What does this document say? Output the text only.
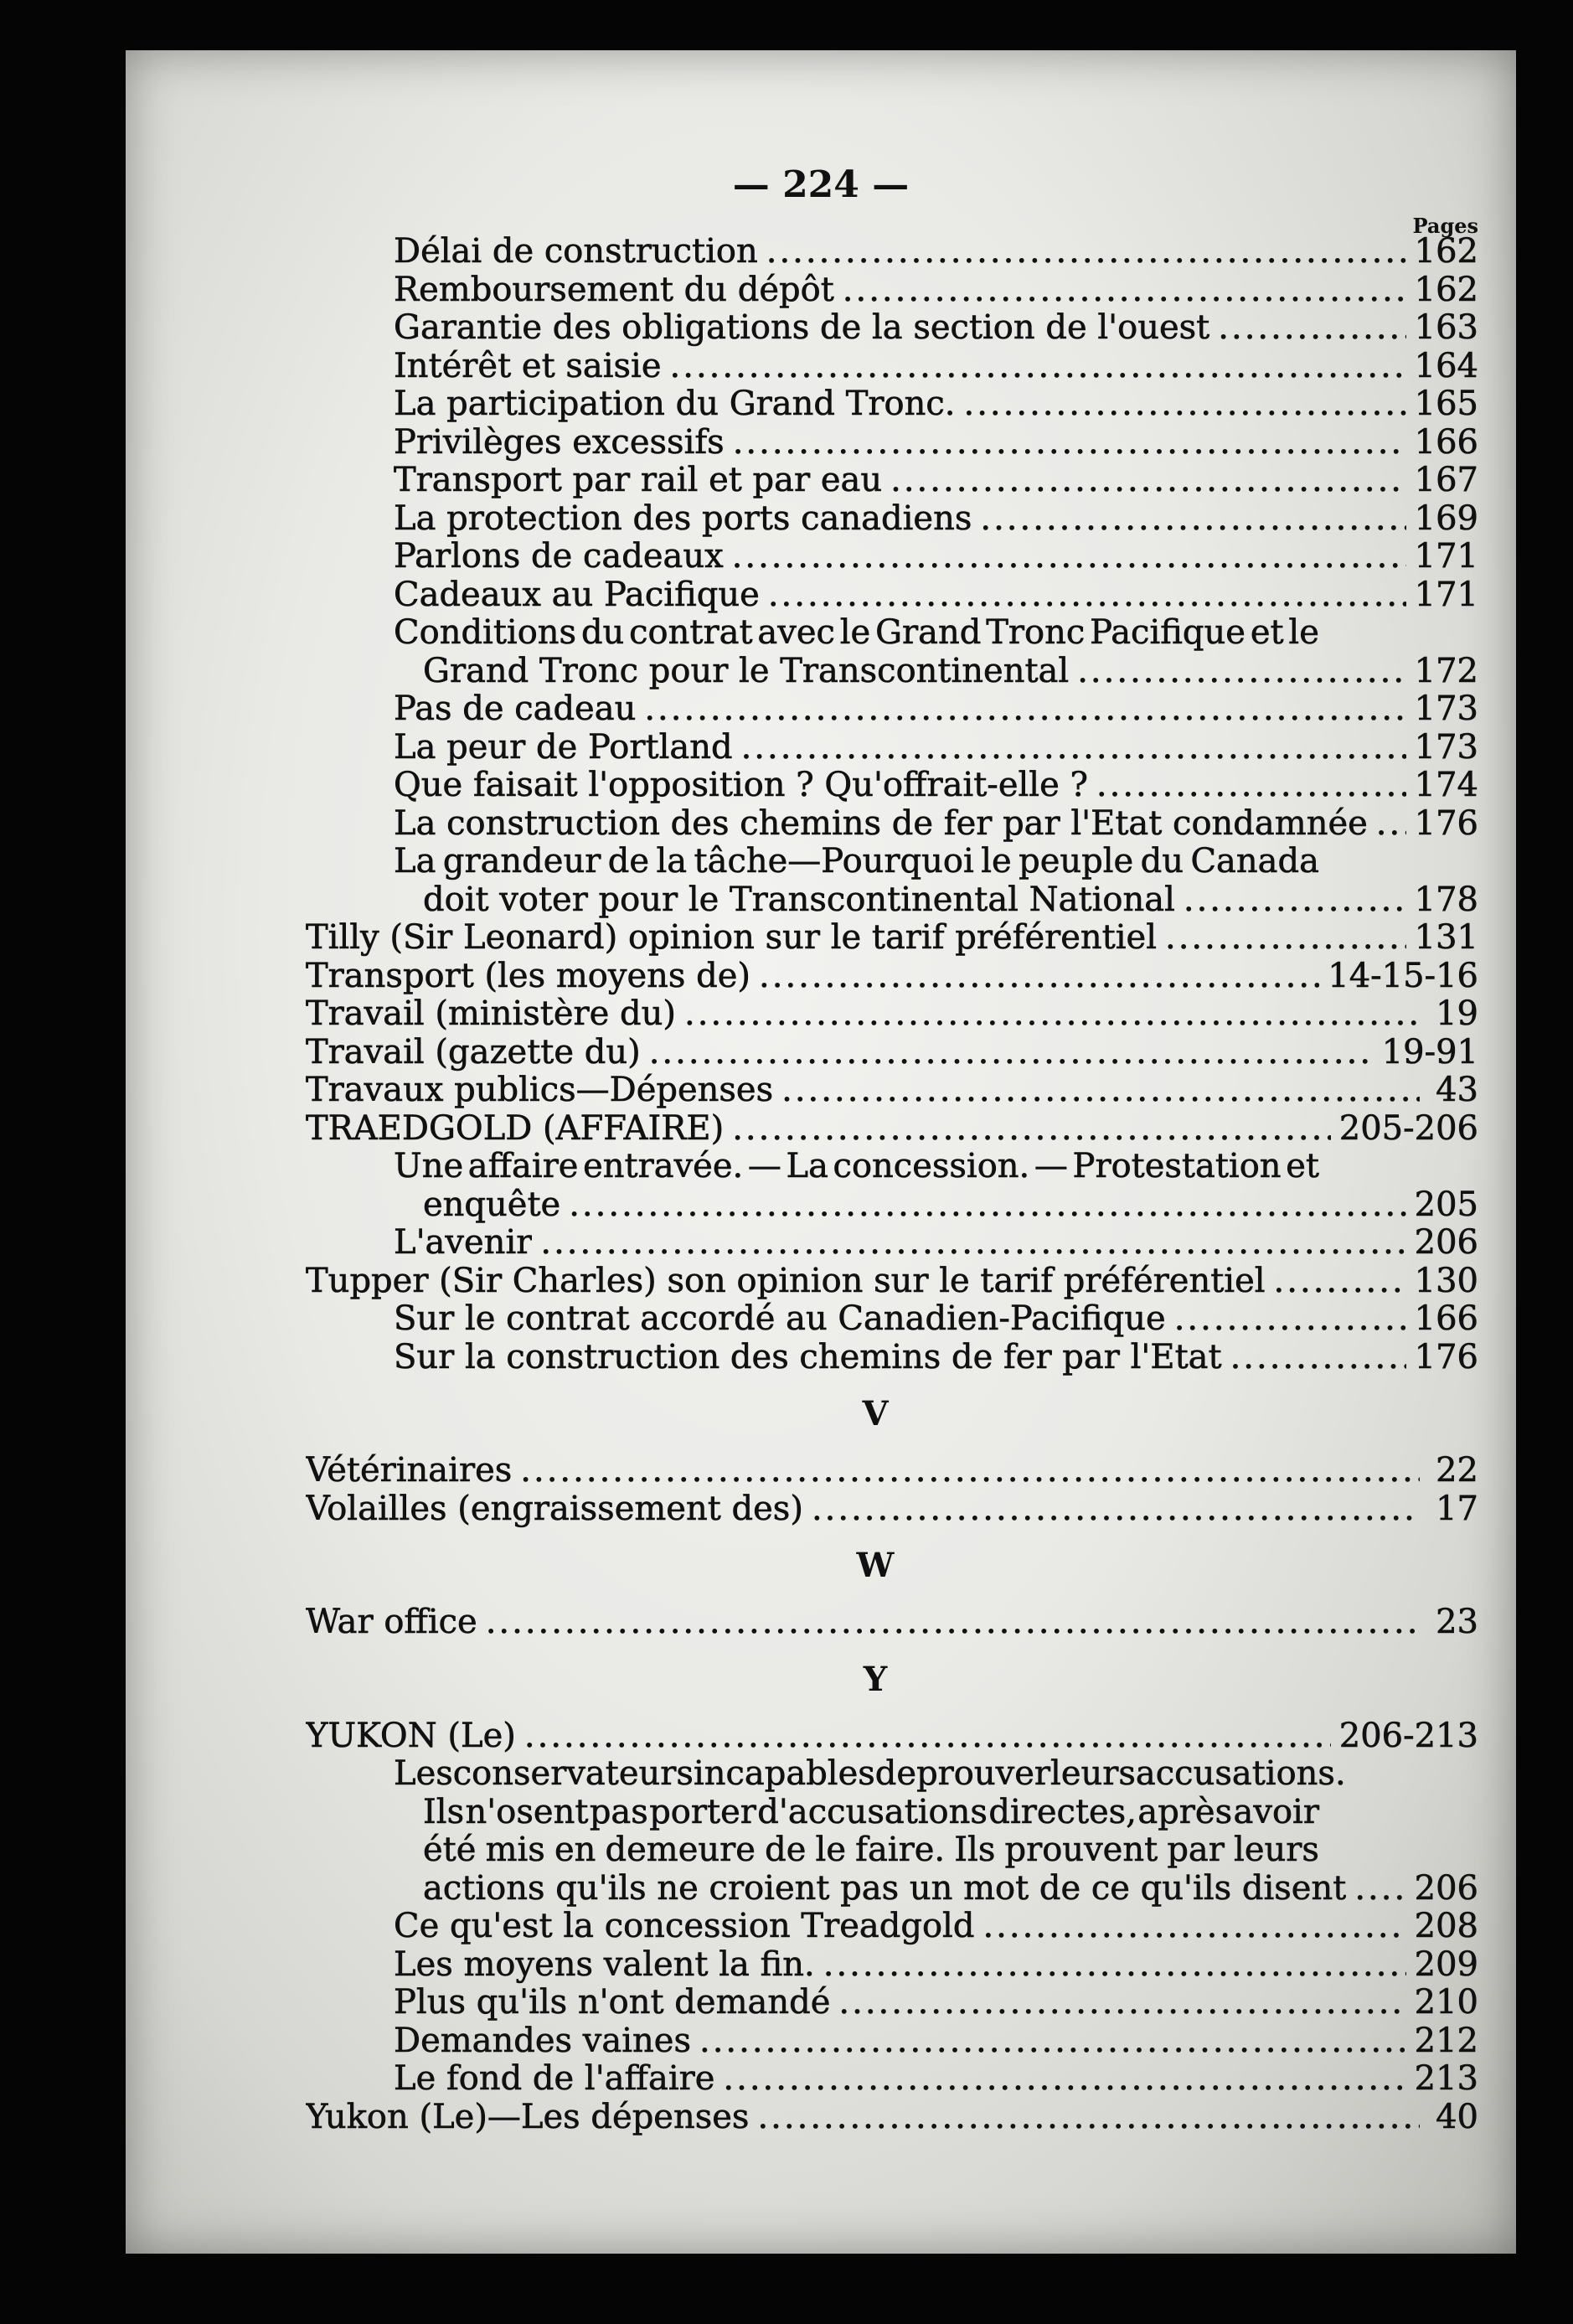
— 224 —
Pages
Délai de construction .....	162
Remboursement du dépôt .....	162
Garantie des obligations de la section de l'ouest .....	163
Intérêt et saisie .....	164
La participation du Grand Tronc. .....	165
Privilèges excessifs .....	166
Transport par rail et par eau .....	167
La protection des ports canadiens .....	169
Parlons de cadeaux .....	171
Cadeaux au Pacifique .....	171
Conditions du contrat avec le Grand Tronc Pacifique et le
Grand Tronc pour le Transcontinental .....	172
Pas de cadeau .....	173
La peur de Portland .....	173
Que faisait l'opposition ? Qu'offrait-elle ? .....	174
La construction des chemins de fer par l'Etat condamnée ..... 176
La grandeur de la tâche—Pourquoi le peuple du Canada
doit voter pour le Transcontinental National .....	178
Tilly (Sir Leonard) opinion sur le tarif préférentiel .....	131
Transport (les moyens de) .....	14-15-16
Travail (ministère du) .....	19
Travail (gazette du) .....	19-91
Travaux publics—Dépenses .....	43
TRAEDGOLD (AFFAIRE) .....	205-206
Une affaire entravée. — La concession. — Protestation et
enquête .....	205
L'avenir .....	206
Tupper (Sir Charles) son opinion sur le tarif préférentiel .....	130
Sur le contrat accordé au Canadien-Pacifique .....	166
Sur la construction des chemins de fer par l'Etat .....	176
V
Vétérinaires .....	22
Volailles (engraissement des) .....	17
W
War office .....	23
Y
YUKON (Le) .....	206-213
Les conservateurs incapables de prouver leurs accusations.
Ils n'osent pas porter d'accusations directes, après avoir
été mis en demeure de le faire. Ils prouvent par leurs
actions qu'ils ne croient pas un mot de ce qu'ils disent ..... 206
Ce qu'est la concession Treadgold .....	208
Les moyens valent la fin. .....	209
Plus qu'ils n'ont demandé .....	210
Demandes vaines .....	212
Le fond de l'affaire .....	213
Yukon (Le)—Les dépenses .....	40
